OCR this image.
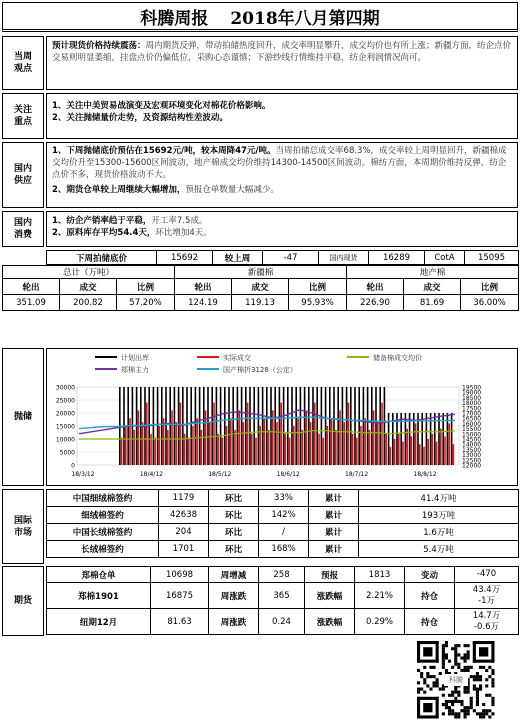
科腾周报 2018年八月第四期
当周
观点
预计现货价格持续震荡：周内期货反弹，带动拍储热度回升，成交率明显攀升，成交均价也有所上涨；新疆方面，纺企点价交易则明显萎缩，挂盘点价仍偏低位，采购心态谨慎；下游纱线行情维持平稳，纺企利润情况尚可。
关注
重点
1、关注中美贸易战演变及宏观环境变化对棉花价格影响。
2、关注抛储量价走势，及资源结构性差波动。
国内
供应
1、下周抛储底价预估在15692元/吨，较本周降47元/吨。当周拍储总成交率68.3%，成交率较上周明显回升，新疆棉成交均价升至15300-15600区间波动，地产棉成交均价维持14300-14500区间波动。棉纺方面，本周期价维持反弹，纺企点价不多，现货价格波动不大。
2、期货仓单较上周继续大幅增加，预报仓单数量大幅减少。
国内
消费
1、纺企产销率趋于平稳，开工率7.5成。
2、原料库存平均54.4天，环比增加4天。
下周拍储底价	15692	较上周	-47	国内现货	16289	CotA	15095
总计（万吨）			新疆棉			地产棉		
轮出	成交	比例	轮出	成交	比例	轮出	成交	比例
351.09	200.82	57.20%	124.19	119.13	95.93%	226.90	81.69	36.00%
抛储
计划出库	实际成交	储备棉成交均价
郑棉主力	国产棉折3128（公定）
30000
25000
20000
15000
10000
5000
0
19500
19000
18500
18000
17500
17000
16500
16000
15500
15000
14500
14000
13500
13000
12500
12000
18/3/12	18/4/12	18/5/12	18/6/12	18/7/12	18/8/12
国际
市场
中国细绒棉签约	1179	环比	33%	累计	41.4万吨
细绒棉签约	42638	环比	142%	累计	193万吨
中国长绒棉签约	204	环比	/	累计	1.6万吨
长绒棉签约	1701	环比	168%	累计	5.4万吨
期货
郑棉仓单	10698	周增减	258	预报	1813	变动	-470

郑棉1901	16875	周涨跌	365	涨跌幅	2.21%	持仓	43.4万
-1万

纽期12月	81.63	周涨跌	0.24	涨跌幅	0.29%	持仓	14.7万
-0.6万
科腾
